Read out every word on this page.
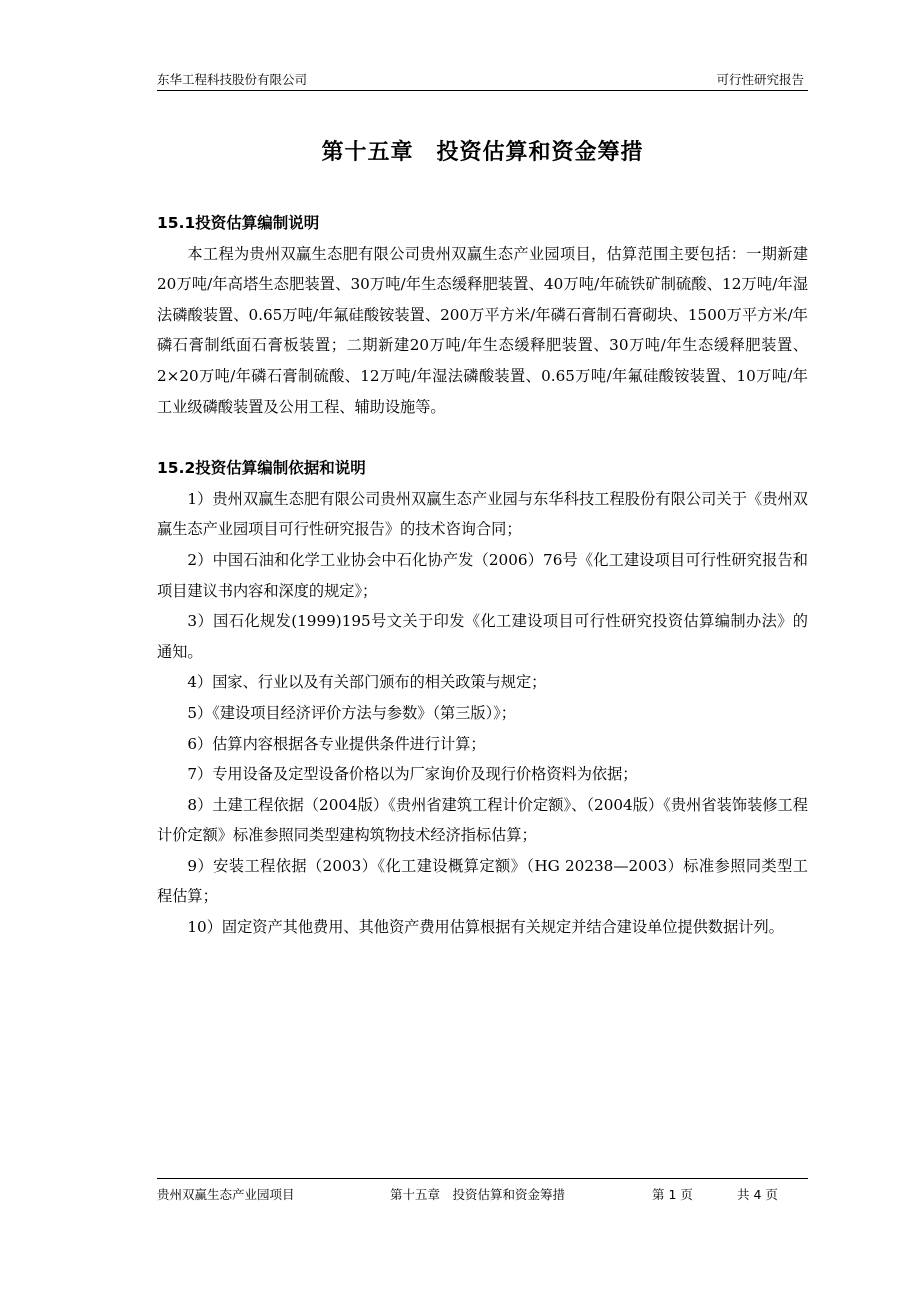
东华工程科技股份有限公司	可行性研究报告
第十五章　投资估算和资金筹措

15.1投资估算编制说明

本工程为贵州双赢生态肥有限公司贵州双赢生态产业园项目，估算范围主要包括：一期新建20万吨/年高塔生态肥装置、30万吨/年生态缓释肥装置、40万吨/年硫铁矿制硫酸、12万吨/年湿法磷酸装置、0.65万吨/年氟硅酸铵装置、200万平方米/年磷石膏制石膏砌块、1500万平方米/年磷石膏制纸面石膏板装置；二期新建20万吨/年生态缓释肥装置、30万吨/年生态缓释肥装置、2×20万吨/年磷石膏制硫酸、12万吨/年湿法磷酸装置、0.65万吨/年氟硅酸铵装置、10万吨/年工业级磷酸装置及公用工程、辅助设施等。

15.2投资估算编制依据和说明

1）贵州双赢生态肥有限公司贵州双赢生态产业园与东华科技工程股份有限公司关于《贵州双赢生态产业园项目可行性研究报告》的技术咨询合同；

2）中国石油和化学工业协会中石化协产发（2006）76号《化工建设项目可行性研究报告和项目建议书内容和深度的规定》；

3）国石化规发(1999)195号文关于印发《化工建设项目可行性研究投资估算编制办法》的通知。

4）国家、行业以及有关部门颁布的相关政策与规定；

5）《建设项目经济评价方法与参数》（第三版）》；

6）估算内容根据各专业提供条件进行计算；

7）专用设备及定型设备价格以为厂家询价及现行价格资料为依据；

8）土建工程依据（2004版）《贵州省建筑工程计价定额》、（2004版）《贵州省装饰装修工程计价定额》标准参照同类型建构筑物技术经济指标估算；

9）安装工程依据（2003）《化工建设概算定额》（HG 20238—2003）标准参照同类型工程估算；

10）固定资产其他费用、其他资产费用估算根据有关规定并结合建设单位提供数据计列。

贵州双赢生态产业园项目	第十五章　投资估算和资金筹措	第 1 页	共 4 页
